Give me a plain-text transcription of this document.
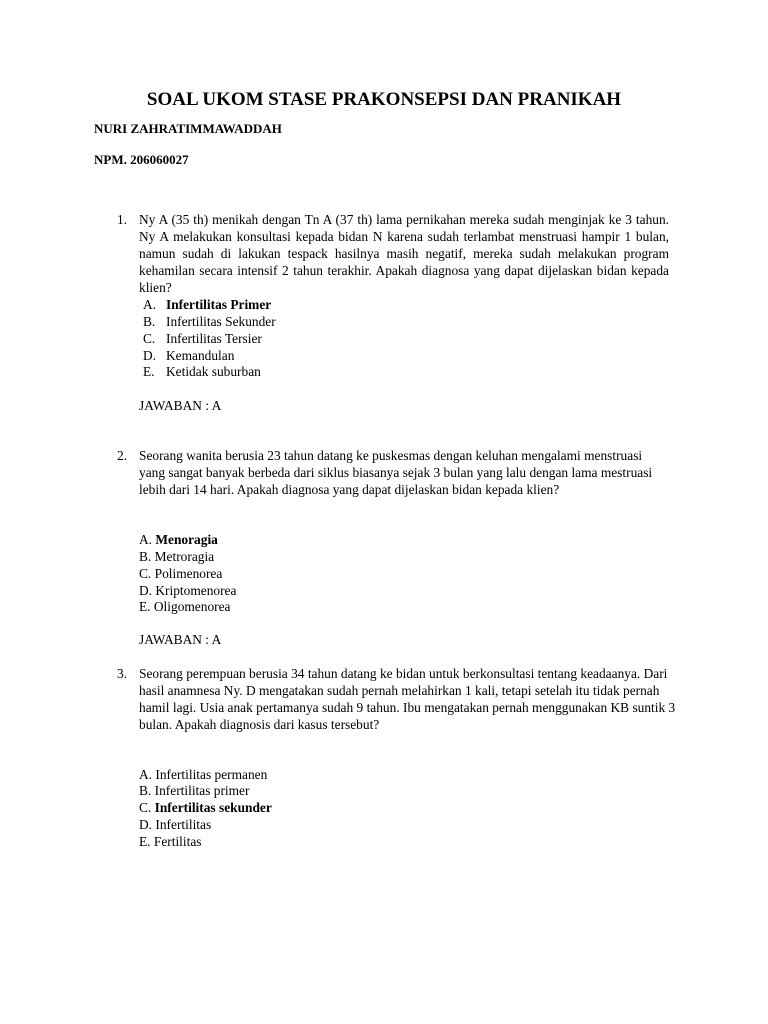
SOAL UKOM STASE PRAKONSEPSI DAN PRANIKAH
NURI ZAHRATIMMAWADDAH
NPM. 206060027
1. Ny A (35 th) menikah dengan Tn A (37 th) lama pernikahan mereka sudah menginjak ke 3 tahun. Ny A melakukan konsultasi kepada bidan N karena sudah terlambat menstruasi hampir 1 bulan, namun sudah di lakukan tespack hasilnya masih negatif, mereka sudah melakukan program kehamilan secara intensif 2 tahun terakhir. Apakah diagnosa yang dapat dijelaskan bidan kepada klien?
A. Infertilitas Primer
B. Infertilitas Sekunder
C. Infertilitas Tersier
D. Kemandulan
E. Ketidak suburban
JAWABAN : A
2. Seorang wanita berusia 23 tahun datang ke puskesmas dengan keluhan mengalami menstruasi yang sangat banyak berbeda dari siklus biasanya sejak 3 bulan yang lalu dengan lama mestruasi lebih dari 14 hari. Apakah diagnosa yang dapat dijelaskan bidan kepada klien?
A. Menoragia
B. Metroragia
C. Polimenorea
D. Kriptomenorea
E. Oligomenorea
JAWABAN : A
3. Seorang perempuan berusia 34 tahun datang ke bidan untuk berkonsultasi tentang keadaanya. Dari hasil anamnesa Ny. D mengatakan sudah pernah melahirkan 1 kali, tetapi setelah itu tidak pernah hamil lagi. Usia anak pertamanya sudah 9 tahun. Ibu mengatakan pernah menggunakan KB suntik 3 bulan. Apakah diagnosis dari kasus tersebut?
A. Infertilitas permanen
B. Infertilitas primer
C. Infertilitas sekunder
D. Infertilitas
E. Fertilitas
